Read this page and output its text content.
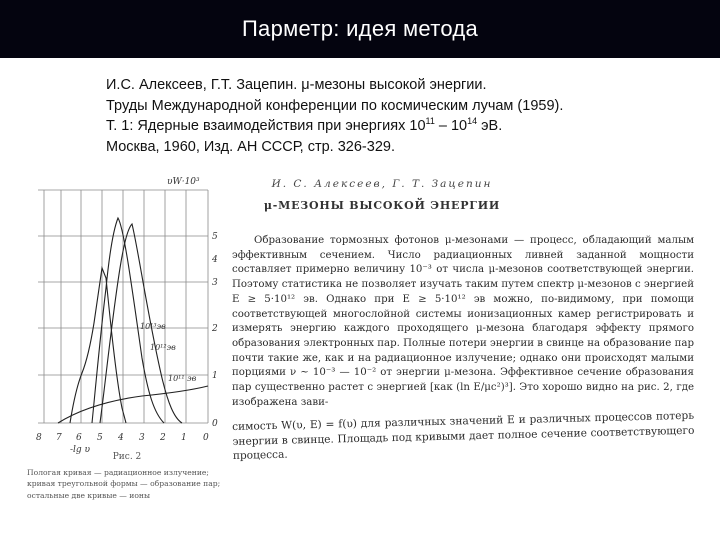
Парметр: идея метода
И.С. Алексеев, Г.Т. Зацепин. μ-мезоны высокой энергии.
Труды Международной конференции по космическим лучам (1959).
Т. 1: Ядерные взаимодействия при энергиях $10^{11} - 10^{14}$ эВ.
Москва, 1960, Изд. АН СССР, стр. 326-329.
υW·10³
5
4
3
2
1
0
10¹¹ эв
10¹²эв
10¹³эв
8 7 6 5 4 3 2 1 0
-lg υ
Рис. 2
Пологая кривая — радиационное излучение; кривая треугольной формы — образование пар; остальные две кривые — ионы
И. С. Алексеев, Г. Т. Зацепин
μ-МЕЗОНЫ ВЫСОКОЙ ЭНЕРГИИ
Образование тормозных фотонов μ-мезонами — процесс, обладающий малым эффективным сечением. Число радиационных ливней заданной мощности составляет примерно величину 10⁻³ от числа μ-мезонов соответствующей энергии. Поэтому статистика не позволяет изучать таким путем спектр μ-мезонов с энергией E ≥ 5·10¹² эв. Однако при E ≥ 5·10¹² эв можно, по-видимому, при помощи соответствующей многослойной системы ионизационных камер регистрировать и измерять энергию каждого проходящего μ-мезона благодаря эффекту прямого образования электронных пар. Полные потери энергии в свинце на образование пар почти такие же, как и на радиационное излучение; однако они происходят малыми порциями ν ~ 10⁻³ — 10⁻² от энергии μ-мезона. Эффективное сечение образования пар существенно растет с энергией [как (ln E/μc²)³]. Это хорошо видно на рис. 2, где изображена зави-
симость W(υ, E) = f(υ) для различных значений E и различных процессов потерь энергии в свинце. Площадь под кривыми дает полное сечение соответствующего процесса.
